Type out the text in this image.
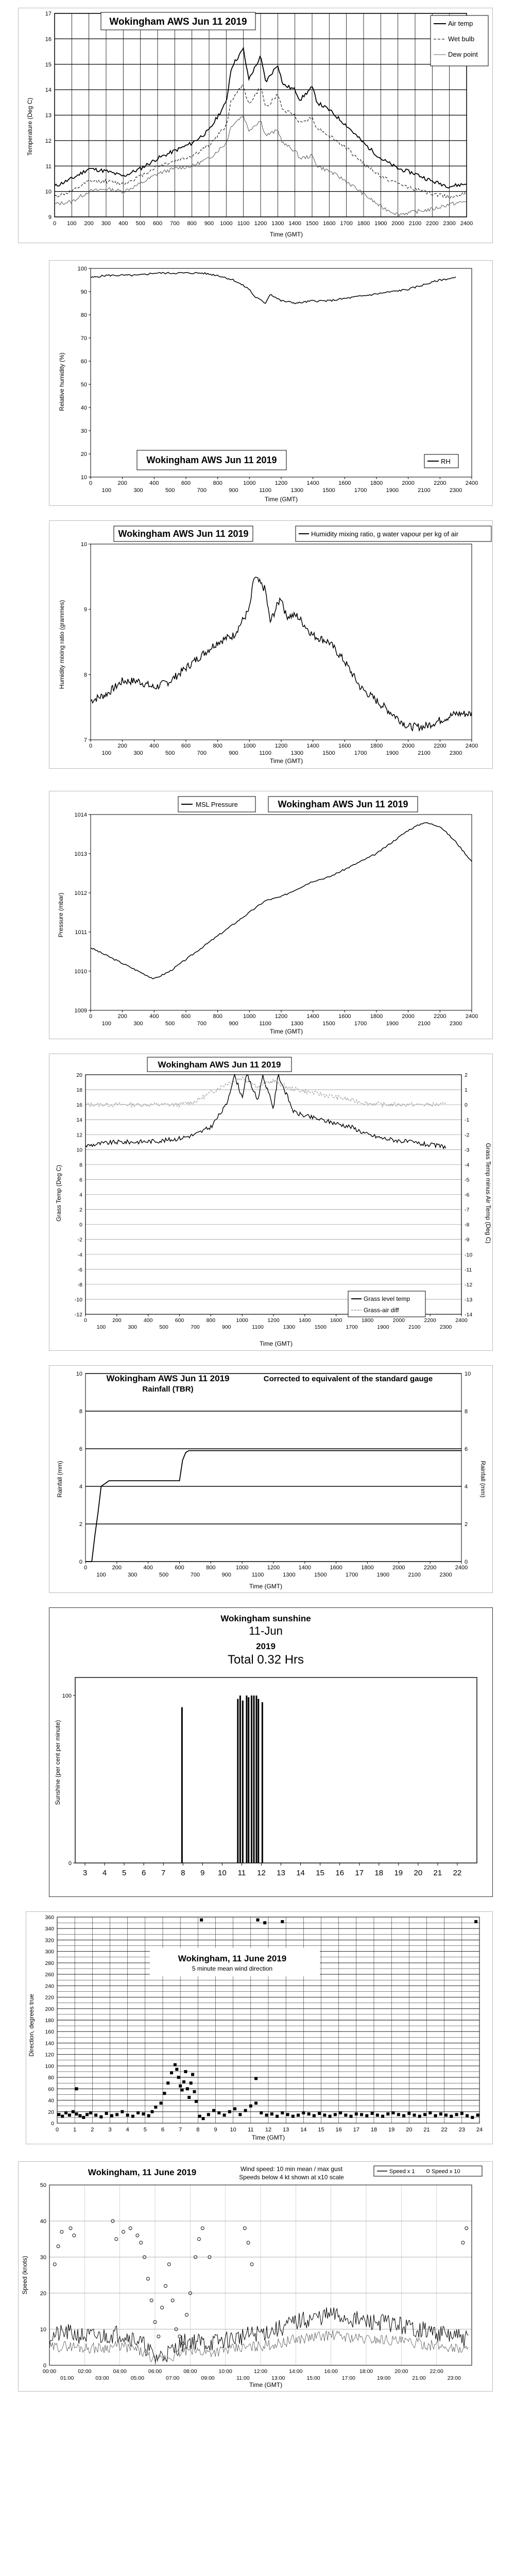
9
10
11
12
13
14
15
16
17
0 100 200 300 400 500 600 700 800 900 1000 1100 1200 1300 1400 1500 1600 1700 1800 1900 2000 2100 2200 2300 2400
Wokingham AWS Jun 11 2019
Time (GMT)
Temperature (Deg C)
Air temp
Wet bulb
Dew point
10
20
30
40
50
60
70
80
90
100
0	200	400	600	800	1000	1200	1400	1600	1800	2000	2200	2400
100	300	500	700	900	1100	1300	1500	1700	1900	2100	2300
Wokingham AWS Jun 11 2019	RH
Time (GMT)
Relative humidity (%)
7
8
9
10
0	200	400	600	800	1000	1200	1400	1600	1800	2000	2200	2400
100	300	500	700	900	1100	1300	1500	1700	1900	2100	2300
Wokingham AWS Jun 11 2019	Humidity mixing ratio, g water vapour per kg of air
Time (GMT)
Humidity mixing ratio (grammes)
1009
1010
1011
1012
1013
1014
0	200	400	600	800	1000	1200	1400	1600	1800	2000	2200	2400
100	300	500	700	900	1100	1300	1500	1700	1900	2100	2300
MSL Pressure	Wokingham AWS Jun 11 2019
Time (GMT)
Pressure (mbar)
-12
-10
-8
-6
-4
-2
0
2
4
6
8
10
12
14
16
18
20
-14
-13
-12
-11
-10
-9
-8
-7
-6
-5
-4
-3
-2
-1
0
1
2
0	200	400	600	800	1000	1200	1400	1600	1800	2000	2200	2400
100	300	500	700	900	1100	1300	1500	1700	1900	2100	2300
Wokingham AWS Jun 11 2019
Grass level temp
Grass-air diff
Time (GMT)
Grass Temp (Deg C)	Grass Temp minus Air Temp (Deg C)
0	0
2	2
4	4
6	6
8	8
10	10
0	200	400	600	800	1000	1200	1400	1600	1800	2000	2200	2400
100	300	500	700	900	1100	1300	1500	1700	1900	2100	2300
Wokingham AWS Jun 11 2019
Rainfall (TBR)
Corrected to equivalent of the standard gauge
Time (GMT)
Rainfall (mm)	Rainfall (mm)
0
100
3 4 5 6 7 8 9 10 11 12 13 14 15 16 17 18 19 20 21 22
Wokingham sunshine
11-Jun
2019
Total 0.32 Hrs
Sunshine (per cent per minute)
0
20
40
60
80
100
120
140
160
180
200
220
240
260
280
300
320
340
360
0	1	2	3	4	5	6	7	8	9 10 11 12 13 14 15 16 17 18 19 20 21 22 23 24
Wokingham, 11 June 2019
5 minute mean wind direction
Time (GMT)
Direction, degrees true
0
10
20
30
40
50
00:00	02:00	04:00	06:00	08:00	10:00	12:00	14:00	16:00	18:00	20:00	22:00
01:00	03:00	05:00	07:00	09:00	11:00	13:00	15:00	17:00	19:00	21:00	23:00
Wokingham, 11 June 2019	Wind speed: 10 min mean / max gust
Speeds below 4 kt shown at x10 scale
Speed x 1	Speed x 10
Time (GMT)
Speed (knots)
